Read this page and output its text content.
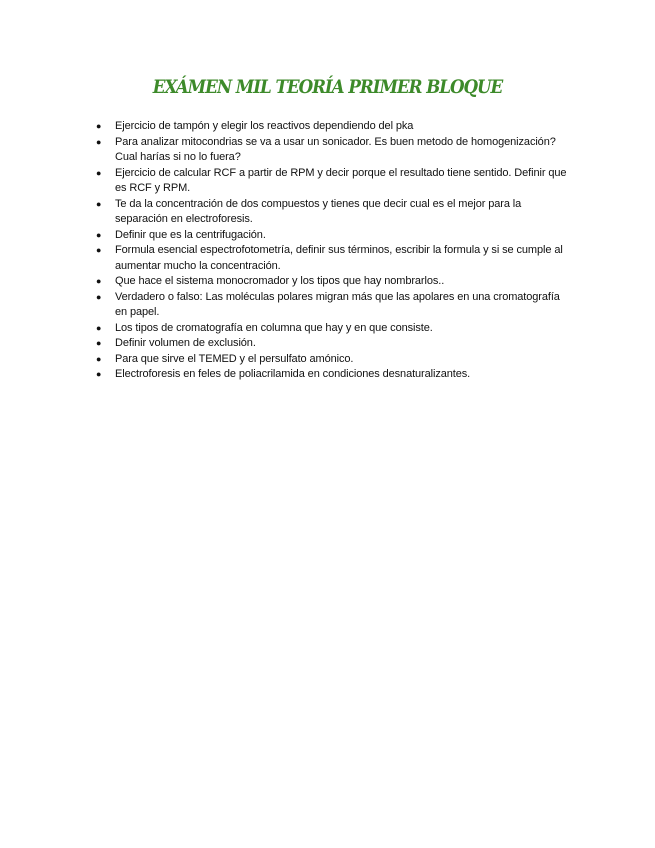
EXÁMEN MIL TEORÍA PRIMER BLOQUE
● Ejercicio de tampón y elegir los reactivos dependiendo del pka
● Para analizar mitocondrias se va a usar un sonicador. Es buen metodo de homogenización? Cual harías si no lo fuera?
● Ejercicio de calcular RCF a partir de RPM y decir porque el resultado tiene sentido. Definir que es RCF y RPM.
● Te da la concentración de dos compuestos y tienes que decir cual es el mejor para la separación en electroforesis.
● Definir que es la centrifugación.
● Formula esencial espectrofotometría, definir sus términos, escribir la formula y si se cumple al aumentar mucho la concentración.
● Que hace el sistema monocromador y los tipos que hay nombrarlos..
● Verdadero o falso: Las moléculas polares migran más que las apolares en una cromatografía en papel.
● Los tipos de cromatografía en columna que hay y en que consiste.
● Definir volumen de exclusión.
● Para que sirve el TEMED y el persulfato amónico.
● Electroforesis en feles de poliacrilamida en condiciones desnaturalizantes.
